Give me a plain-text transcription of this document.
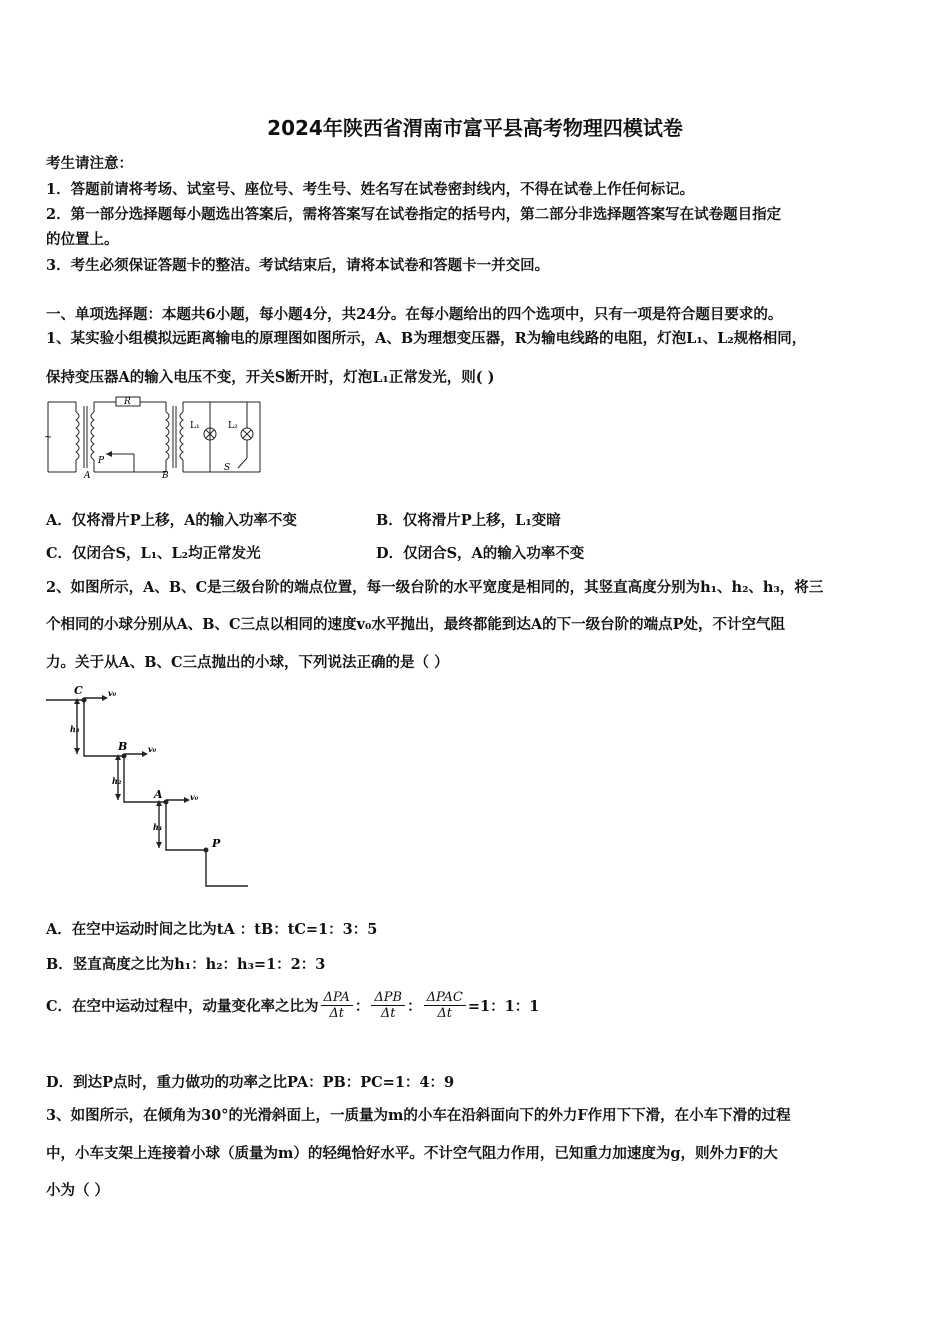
2024年陕西省渭南市富平县高考物理四模试卷
考生请注意：
1．答题前请将考场、试室号、座位号、考生号、姓名写在试卷密封线内，不得在试卷上作任何标记。
2．第一部分选择题每小题选出答案后，需将答案写在试卷指定的括号内，第二部分非选择题答案写在试卷题目指定
的位置上。
3．考生必须保证答题卡的整洁。考试结束后，请将本试卷和答题卡一并交回。
一、单项选择题：本题共6小题，每小题4分，共24分。在每小题给出的四个选项中，只有一项是符合题目要求的。
1、某实验小组模拟远距离输电的原理图如图所示，A、B为理想变压器，R为输电线路的电阻，灯泡L₁、L₂规格相同，
保持变压器A的输入电压不变，开关S断开时，灯泡L₁正常发光，则( )
R
P
A	B
L₁	L₂
S
~
A．仅将滑片P上移，A的输入功率不变	B．仅将滑片P上移，L₁变暗
C．仅闭合S，L₁、L₂均正常发光	D．仅闭合S，A的输入功率不变
2、如图所示，A、B、C是三级台阶的端点位置，每一级台阶的水平宽度是相同的，其竖直高度分别为h₁、h₂、h₃，将三
个相同的小球分别从A、B、C三点以相同的速度v₀水平抛出，最终都能到达A的下一级台阶的端点P处，不计空气阻
力。关于从A、B、C三点抛出的小球，下列说法正确的是（ ）
C	v₀
h₃
B	v₀
h₂
A	v₀
h₁
P
A．在空中运动时间之比为tA ：tB：tC=1：3：5
B．竖直高度之比为h₁：h₂：h₃=1：2：3
C．在空中运动过程中，动量变化率之比为 $\frac{\text{ΔPA}}{\Delta t}$ ： $\frac{\text{ΔPB}}{\Delta t}$ ： $\frac{\text{ΔPAC}}{\Delta t} =1$：1：1
D．到达P点时，重力做功的功率之比PA：PB：PC=1：4：9
3、如图所示，在倾角为30°的光滑斜面上，一质量为m的小车在沿斜面向下的外力F作用下下滑，在小车下滑的过程
中，小车支架上连接着小球（质量为m）的轻绳恰好水平。不计空气阻力作用，已知重力加速度为g，则外力F的大
小为（ ）
